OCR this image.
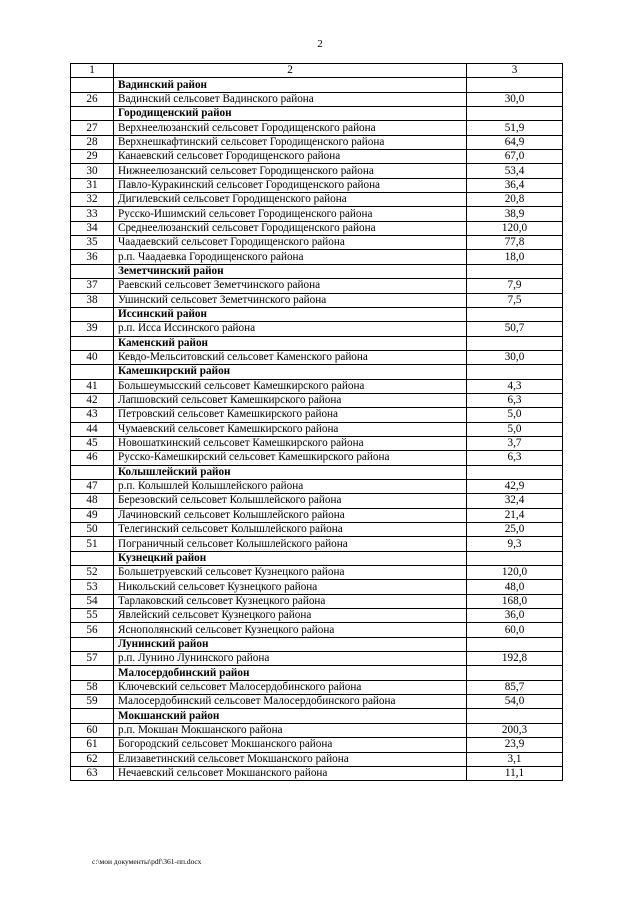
2
1	2	3
	Вадинский район	
26	Вадинский сельсовет Вадинского района	30,0
	Городищенский район	
27	Верхнеелюзанский сельсовет Городищенского района	51,9
28	Верхнешкафтинский сельсовет Городищенского района	64,9
29	Канаевский сельсовет Городищенского района	67,0
30	Нижнеелюзанский сельсовет Городищенского района	53,4
31	Павло-Куракинский сельсовет Городищенского района	36,4
32	Дигилевский сельсовет Городищенского района	20,8
33	Русско-Ишимский сельсовет Городищенского района	38,9
34	Среднеелюзанский сельсовет Городищенского района	120,0
35	Чаадаевский сельсовет Городищенского района	77,8
36	р.п. Чаадаевка Городищенского района	18,0
	Земетчинский район	
37	Раевский сельсовет Земетчинского района	7,9
38	Ушинский сельсовет Земетчинского района	7,5
	Иссинский район	
39	р.п. Исса Иссинского района	50,7
	Каменский район	
40	Кевдо-Мельситовский сельсовет Каменского района	30,0
	Камешкирский район	
41	Большеумысский сельсовет Камешкирского района	4,3
42	Лапшовский сельсовет Камешкирского района	6,3
43	Петровский сельсовет Камешкирского района	5,0
44	Чумаевский сельсовет Камешкирского района	5,0
45	Новошаткинский сельсовет Камешкирского района	3,7
46	Русско-Камешкирский сельсовет Камешкирского района	6,3
	Колышлейский район	
47	р.п. Колышлей Колышлейского района	42,9
48	Березовский сельсовет Колышлейского района	32,4
49	Лачиновский сельсовет Колышлейского района	21,4
50	Телегинский сельсовет Колышлейского района	25,0
51	Пограничный сельсовет Колышлейского района	9,3
	Кузнецкий район	
52	Большетруевский сельсовет Кузнецкого района	120,0
53	Никольский сельсовет Кузнецкого района	48,0
54	Тарлаковский сельсовет Кузнецкого района	168,0
55	Явлейский сельсовет Кузнецкого района	36,0
56	Яснополянский сельсовет Кузнецкого района	60,0
	Лунинский район	
57	р.п. Лунино Лунинского района	192,8
	Малосердобинский район	
58	Ключевский сельсовет Малосердобинского района	85,7
59	Малосердобинский сельсовет Малосердобинского района	54,0
	Мокшанский район	
60	р.п. Мокшан Мокшанского района	200,3
61	Богородский сельсовет Мокшанского района	23,9
62	Елизаветинский сельсовет Мокшанского района	3,1
63	Нечаевский сельсовет Мокшанского района	11,1
c:\мои документы\pdf\361-пп.docx
